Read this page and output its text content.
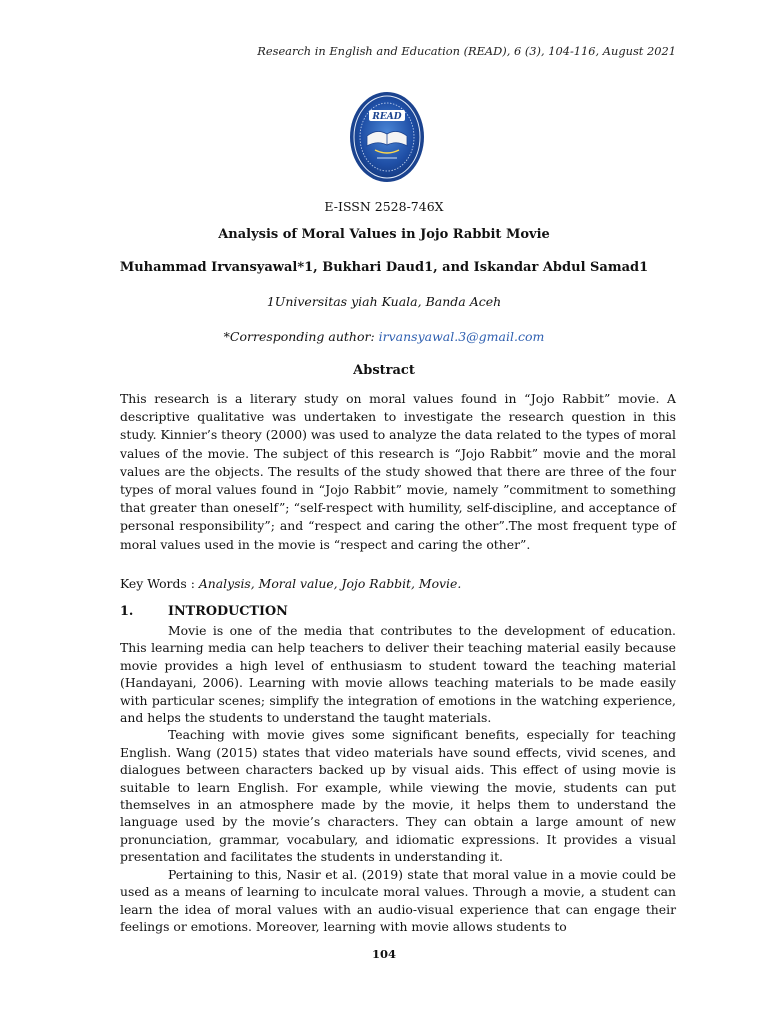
Research in English and Education (READ), 6 (3), 104-116, August 2021
READ
E-ISSN 2528-746X
Analysis of Moral Values in Jojo Rabbit Movie
Muhammad Irvansyawal*1, Bukhari Daud1, and Iskandar Abdul Samad1
1Universitas yiah Kuala, Banda Aceh
*Corresponding author: irvansyawal.3@gmail.com
Abstract
This research is a literary study on moral values found in “Jojo Rabbit” movie. A descriptive qualitative was undertaken to investigate the research question in this study. Kinnier’s theory (2000) was used to analyze the data related to the types of moral values of the movie. The subject of this research is “Jojo Rabbit” movie and the moral values are the objects. The results of the study showed that there are three of the four types of moral values found in “Jojo Rabbit” movie, namely ”commitment to something that greater than oneself”; “self-respect with humility, self-discipline, and acceptance of personal responsibility”; and “respect and caring the other”.The most frequent type of moral values used in the movie is “respect and caring the other”.
Key Words : Analysis, Moral value, Jojo Rabbit, Movie.
1.	INTRODUCTION

Movie is one of the media that contributes to the development of education. This learning media can help teachers to deliver their teaching material easily because movie provides a high level of enthusiasm to student toward the teaching material (Handayani, 2006). Learning with movie allows teaching materials to be made easily with particular scenes; simplify the integration of emotions in the watching experience, and helps the students to understand the taught materials.

Teaching with movie gives some significant benefits, especially for teaching English. Wang (2015) states that video materials have sound effects, vivid scenes, and dialogues between characters backed up by visual aids. This effect of using movie is suitable to learn English. For example, while viewing the movie, students can put themselves in an atmosphere made by the movie, it helps them to understand the language used by the movie’s characters. They can obtain a large amount of new pronunciation, grammar, vocabulary, and idiomatic expressions. It provides a visual presentation and facilitates the students in understanding it.

Pertaining to this, Nasir et al. (2019) state that moral value in a movie could be used as a means of learning to inculcate moral values. Through a movie, a student can learn the idea of moral values with an audio-visual experience that can engage their feelings or emotions. Moreover, learning with movie allows students to

104
